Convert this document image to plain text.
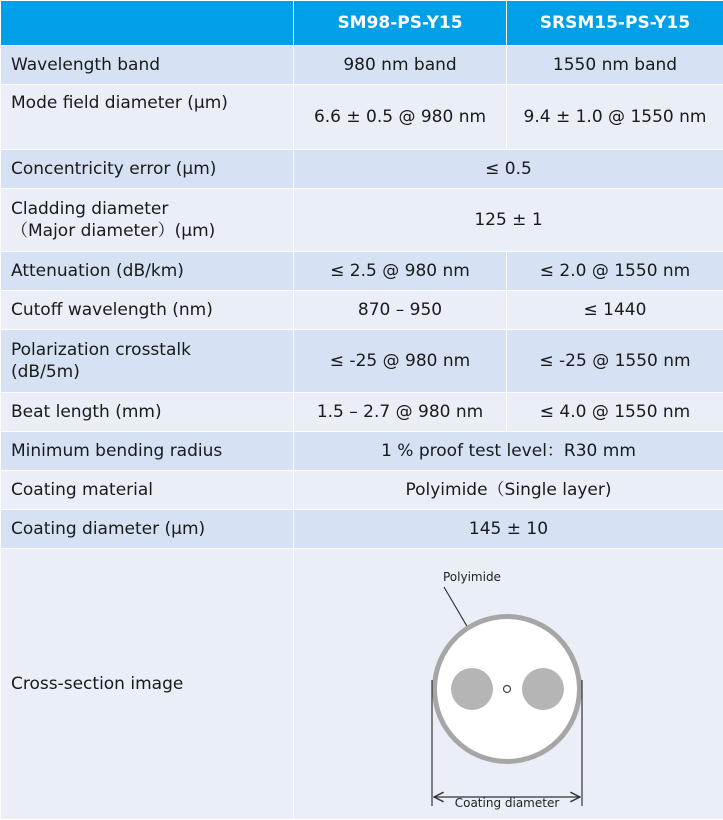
	SM98-PS-Y15	SRSM15-PS-Y15
Wavelength band	980 nm band	1550 nm band
Mode field diameter (μm)	6.6 ± 0.5 @ 980 nm	9.4 ± 1.0 @ 1550 nm
Concentricity error (μm)	≤ 0.5	

Cladding diameter
（Major diameter）(μm)	125 ± 1	
Attenuation (dB/km)	≤ 2.5 @ 980 nm	≤ 2.0 @ 1550 nm
Cutoff wavelength (nm)	870 – 950	≤ 1440

Polarization crosstalk
(dB/5m)	≤ -25 @ 980 nm	≤ -25 @ 1550 nm
Beat length (mm)	1.5 – 2.7 @ 980 nm	≤ 4.0 @ 1550 nm
Minimum bending radius	1 % proof test level：R30 mm	
Coating material	Polyimide（Single layer)	
Coating diameter (μm)	145 ± 10	
Cross-section image	Polyimide
Coating diameter	
